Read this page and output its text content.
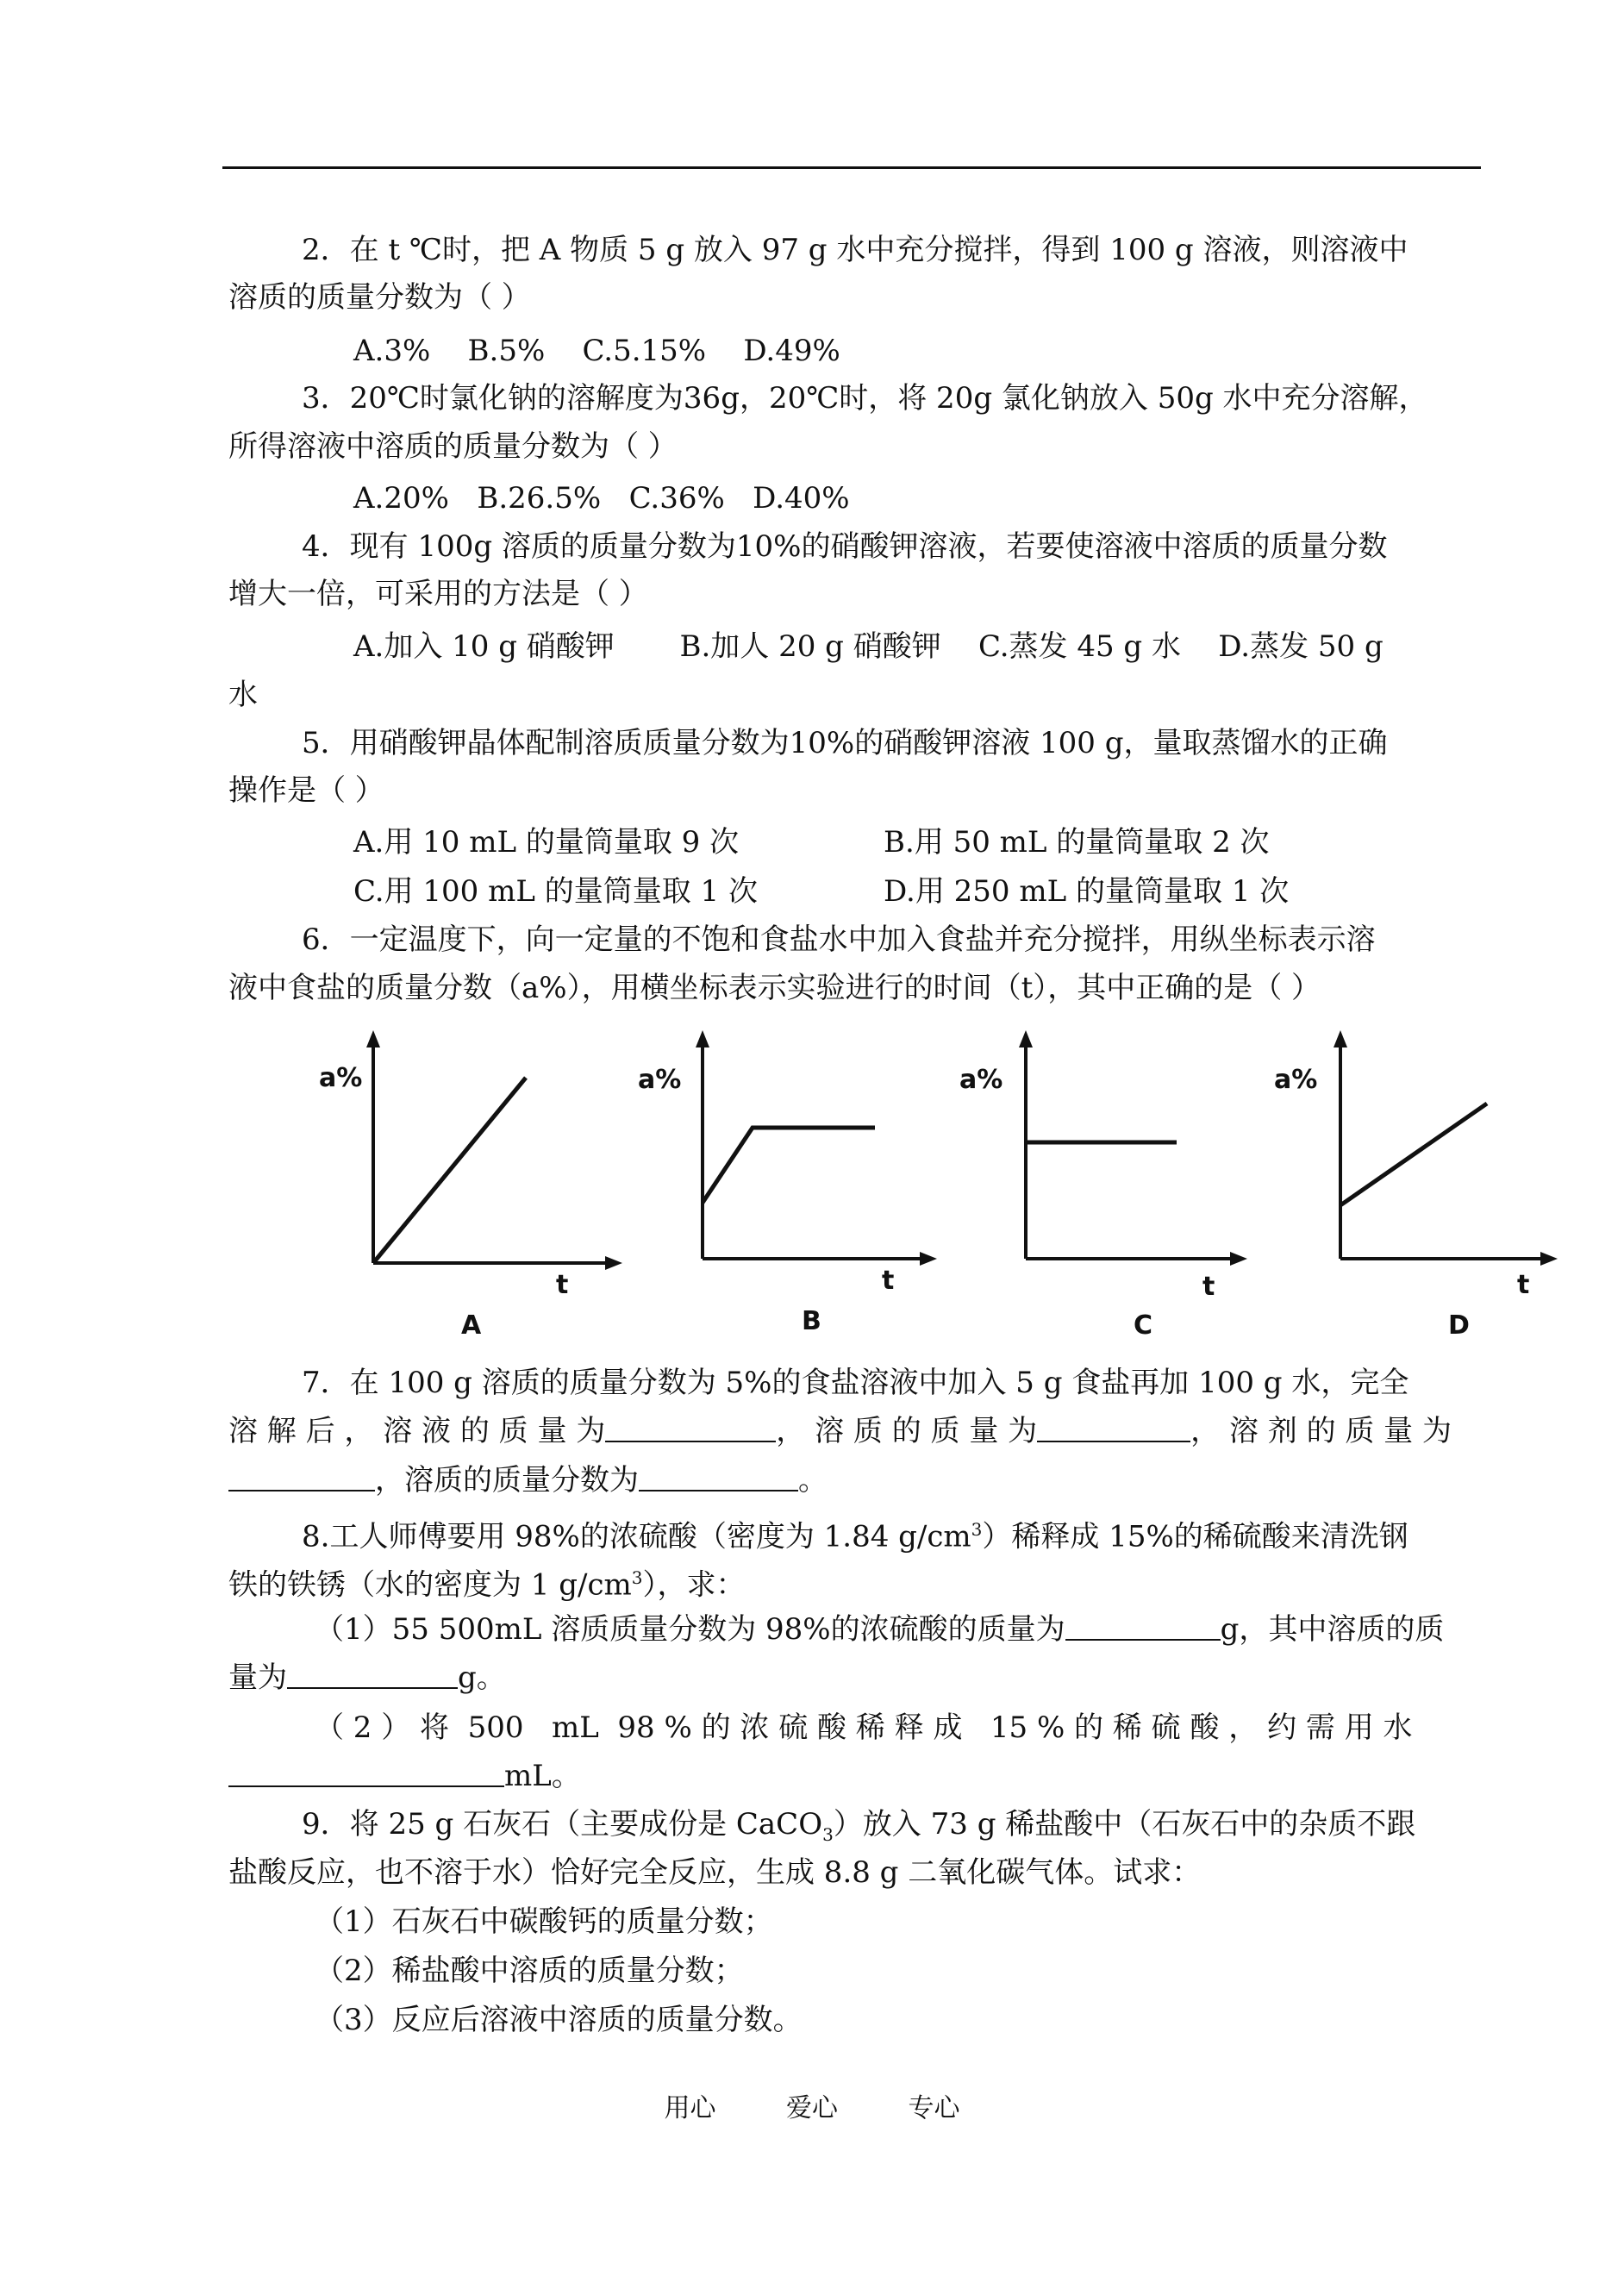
2．在 t ℃时，把 A 物质 5 g 放入 97 g 水中充分搅拌，得到 100 g 溶液，则溶液中
溶质的质量分数为（ ）
A.3%    B.5%    C.5.15%    D.49%
3．20℃时氯化钠的溶解度为36g，20℃时，将 20g 氯化钠放入 50g 水中充分溶解，
所得溶液中溶质的质量分数为（ ）
A.20%   B.26.5%   C.36%   D.40%
4．现有 100g 溶质的质量分数为10%的硝酸钾溶液，若要使溶液中溶质的质量分数
增大一倍，可采用的方法是（ ）
A.加入 10 g 硝酸钾       B.加人 20 g 硝酸钾    C.蒸发 45 g 水    D.蒸发 50 g
水
5．用硝酸钾晶体配制溶质质量分数为10%的硝酸钾溶液 100 g，量取蒸馏水的正确
操作是（ ）
A.用 10 mL 的量筒量取 9 次	B.用 50 mL 的量筒量取 2 次
C.用 100 mL 的量筒量取 1 次	D.用 250 mL 的量筒量取 1 次
6．一定温度下，向一定量的不饱和食盐水中加入食盐并充分搅拌，用纵坐标表示溶
液中食盐的质量分数（a%），用横坐标表示实验进行的时间（t），其中正确的是（ ）
a%
t
A
a%
t
B
a%
t
C
a%
t
D
7．在 100 g 溶质的质量分数为 5%的食盐溶液中加入 5 g 食盐再加 100 g 水，完全
溶 解 后 ， 溶 液 的 质 量 为	， 溶 质 的 质 量 为	， 溶 剂 的 质 量 为
，溶质的质量分数为	。
8.工人师傅要用 98%的浓硫酸（密度为 1.84 $g/cm^3$）稀释成 15%的稀硫酸来清洗钢
铁的铁锈（水的密度为 1 $g/cm^3$），求：
（1）55 500mL 溶质质量分数为 98%的浓硫酸的质量为	g，其中溶质的质
量为	g。
（ 2 ） 将  500   mL  98 % 的 浓 硫 酸 稀 释 成   15 % 的 稀 硫 酸 ， 约 需 用 水
mL。
9．将 25 g 石灰石（主要成份是 CaCO$_3$）放入 73 g 稀盐酸中（石灰石中的杂质不跟
盐酸反应，也不溶于水）恰好完全反应，生成 8.8 g 二氧化碳气体。试求：
（1）石灰石中碳酸钙的质量分数；
（2）稀盐酸中溶质的质量分数；
（3）反应后溶液中溶质的质量分数。
用心	爱心	专心
